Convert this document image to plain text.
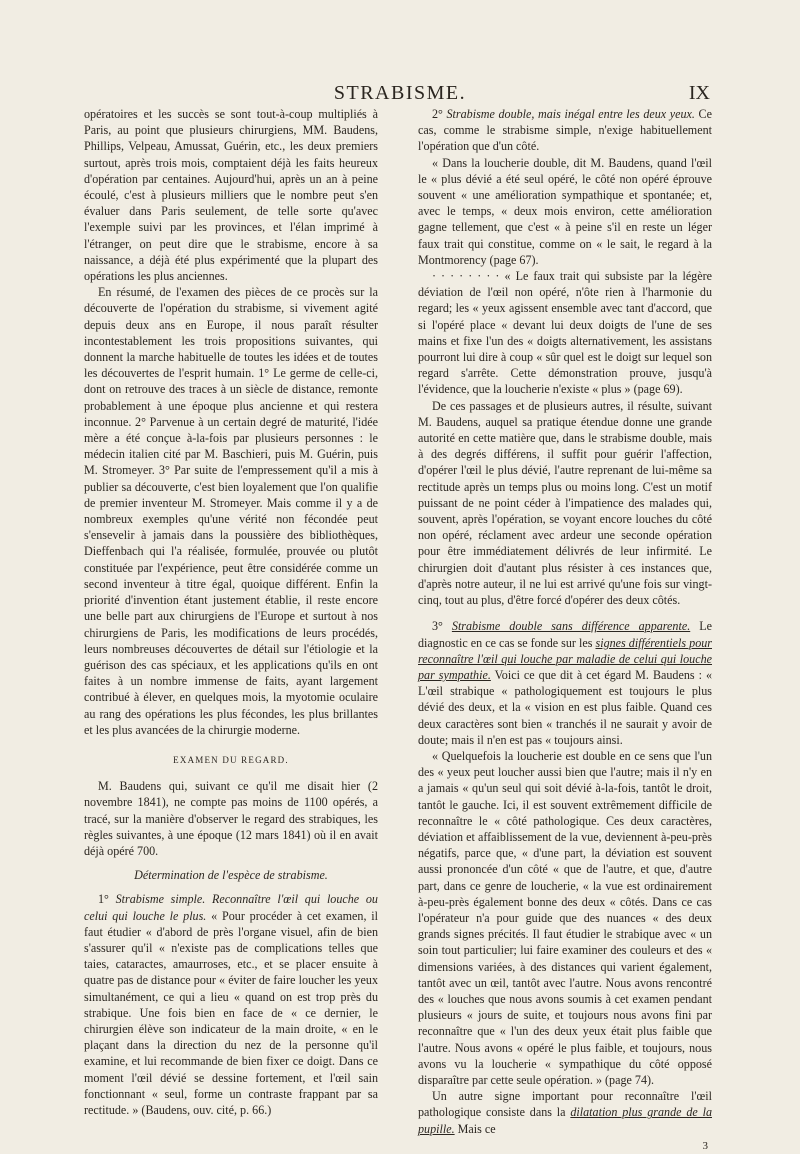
STRABISME.	IX

opératoires et les succès se sont tout-à-coup multipliés à Paris, au point que plusieurs chirurgiens, MM. Baudens, Phillips, Velpeau, Amussat, Guérin, etc., les deux premiers surtout, après trois mois, comptaient déjà les faits heureux d'opération par centaines. Aujourd'hui, après un an à peine écoulé, c'est à plusieurs milliers que le nombre peut s'en évaluer dans Paris seulement, de telle sorte qu'avec l'exemple suivi par les provinces, et l'élan imprimé à l'étranger, on peut dire que le strabisme, encore à sa naissance, a déjà été plus expérimenté que la plupart des opérations les plus anciennes.

En résumé, de l'examen des pièces de ce procès sur la découverte de l'opération du strabisme, si vivement agité depuis deux ans en Europe, il nous paraît résulter incontestablement les trois propositions suivantes, qui donnent la marche habituelle de toutes les idées et de toutes les découvertes de l'esprit humain. 1° Le germe de celle-ci, dont on retrouve des traces à un siècle de distance, remonte probablement à une époque plus ancienne et qui restera inconnue. 2° Parvenue à un certain degré de maturité, l'idée mère a été conçue à-la-fois par plusieurs personnes : le médecin italien cité par M. Baschieri, puis M. Guérin, puis M. Stromeyer. 3° Par suite de l'empressement qu'il a mis à publier sa découverte, c'est bien loyalement que l'on qualifie de premier inventeur M. Stromeyer. Mais comme il y a de nombreux exemples qu'une vérité non fécondée peut s'ensevelir à jamais dans la poussière des bibliothèques, Dieffenbach qui l'a réalisée, formulée, prouvée ou plutôt constituée par l'expérience, peut être considérée comme un second inventeur à titre égal, quoique différent. Enfin la priorité d'invention étant justement établie, il reste encore une belle part aux chirurgiens de l'Europe et surtout à nos chirurgiens de Paris, les modifications de leurs procédés, leurs nombreuses découvertes de détail sur l'étiologie et la guérison des cas spéciaux, et les applications qu'ils en ont faites à un nombre immense de faits, ayant largement contribué à élever, en quelques mois, la myotomie oculaire au rang des opérations les plus fécondes, les plus brillantes et les plus avancées de la chirurgie moderne.

EXAMEN DU REGARD.

M. Baudens qui, suivant ce qu'il me disait hier (2 novembre 1841), ne compte pas moins de 1100 opérés, a tracé, sur la manière d'observer le regard des strabiques, les règles suivantes, à une époque (12 mars 1841) où il en avait déjà opéré 700.

Détermination de l'espèce de strabisme.

1° Strabisme simple. Reconnaître l'œil qui louche ou celui qui louche le plus. « Pour procéder à cet examen, il faut étudier « d'abord de près l'organe visuel, afin de bien s'assurer qu'il « n'existe pas de complications telles que taies, cataractes, amaurroses, etc., et se placer ensuite à quatre pas de distance pour « éviter de faire loucher les yeux simultanément, ce qui a lieu « quand on est trop près du strabique. Une fois bien en face de « ce dernier, le chirurgien élève son indicateur de la main droite, « en le plaçant dans la direction du nez de la personne qu'il examine, et lui recommande de bien fixer ce doigt. Dans ce moment l'œil dévié se dessine fortement, et l'œil sain fonctionnant « seul, forme un contraste frappant par sa rectitude. » (Baudens, ouv. cité, p. 66.)

2° Strabisme double, mais inégal entre les deux yeux. Ce cas, comme le strabisme simple, n'exige habituellement l'opération que d'un côté.

« Dans la loucherie double, dit M. Baudens, quand l'œil le « plus dévié a été seul opéré, le côté non opéré éprouve souvent « une amélioration sympathique et spontanée; et, avec le temps, « deux mois environ, cette amélioration gagne tellement, que c'est « à peine s'il en reste un léger faux trait qui constitue, comme on « le sait, le regard à la Montmorency (page 67).

· · · · · · · · « Le faux trait qui subsiste par la légère déviation de l'œil non opéré, n'ôte rien à l'harmonie du regard; les « yeux agissent ensemble avec tant d'accord, que si l'opéré place « devant lui deux doigts de l'une de ses mains et fixe l'un des « doigts alternativement, les assistans pourront lui dire à coup « sûr quel est le doigt sur lequel son regard s'arrête. Cette démonstration prouve, jusqu'à l'évidence, que la loucherie n'existe « plus » (page 69).

De ces passages et de plusieurs autres, il résulte, suivant M. Baudens, auquel sa pratique étendue donne une grande autorité en cette matière que, dans le strabisme double, mais à des degrés différens, il suffit pour guérir l'affection, d'opérer l'œil le plus dévié, l'autre reprenant de lui-même sa rectitude après un temps plus ou moins long. C'est un motif puissant de ne point céder à l'impatience des malades qui, souvent, après l'opération, se voyant encore louches du côté non opéré, réclament avec ardeur une seconde opération pour être immédiatement délivrés de leur infirmité. Le chirurgien doit d'autant plus résister à ces instances que, d'après notre auteur, il ne lui est arrivé qu'une fois sur vingt-cinq, tout au plus, d'être forcé d'opérer des deux côtés.

3° Strabisme double sans différence apparente. Le diagnostic en ce cas se fonde sur les signes différentiels pour reconnaître l'œil qui louche par maladie de celui qui louche par sympathie. Voici ce que dit à cet égard M. Baudens : « L'œil strabique « pathologiquement est toujours le plus dévié des deux, et la « vision en est plus faible. Quand ces deux caractères sont bien « tranchés il ne saurait y avoir de doute; mais il n'en est pas « toujours ainsi.

« Quelquefois la loucherie est double en ce sens que l'un des « yeux peut loucher aussi bien que l'autre; mais il n'y en a jamais « qu'un seul qui soit dévié à-la-fois, tantôt le droit, tantôt le gauche. Ici, il est souvent extrêmement difficile de reconnaître le « côté pathologique. Ces deux caractères, déviation et affaiblissement de la vue, deviennent à-peu-près négatifs, parce que, « d'une part, la déviation est souvent aussi prononcée d'un côté « que de l'autre, et que, d'autre part, dans ce genre de loucherie, « la vue est ordinairement à-peu-près également bonne des deux « côtés. Dans ce cas l'opérateur n'a pour guide que des nuances « des deux grands signes précités. Il faut étudier le strabique avec « un soin tout particulier; lui faire examiner des couleurs et des « dimensions variées, à des distances qui varient également, tantôt avec un œil, tantôt avec l'autre. Nous avons rencontré des « louches que nous avons soumis à cet examen pendant plusieurs « jours de suite, et toujours nous avons fini par reconnaître que « l'un des deux yeux était plus faible que l'autre. Nous avons « opéré le plus faible, et toujours, nous avons vu la loucherie « sympathique du côté opposé disparaître par cette seule opération. » (page 74).

Un autre signe important pour reconnaître l'œil pathologique consiste dans la dilatation plus grande de la pupille. Mais ce

3
